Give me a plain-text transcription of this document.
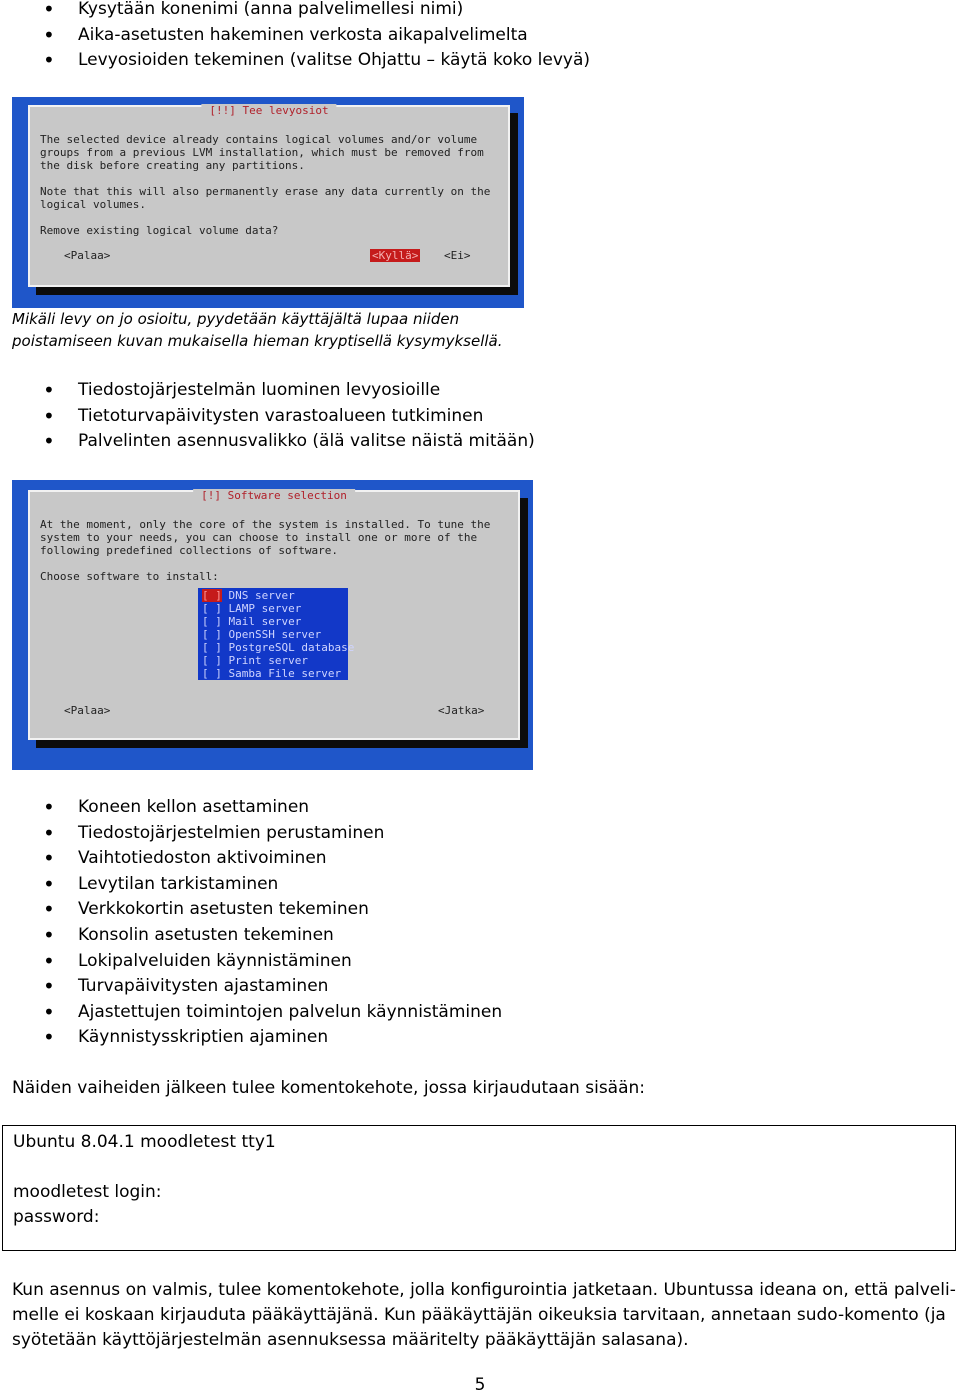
• Kysytään konenimi (anna palvelimellesi nimi)
• Aika-asetusten hakeminen verkosta aikapalvelimelta
• Levyosioiden tekeminen (valitse Ohjattu – käytä koko levyä)
[!!] Tee levyosiot
The selected device already contains logical volumes and/or volume
groups from a previous LVM installation, which must be removed from
the disk before creating any partitions.
Note that this will also permanently erase any data currently on the
logical volumes.
Remove existing logical volume data?
<Palaa>	<Kyllä> <Ei>
Mikäli levy on jo osioitu, pyydetään käyttäjältä lupaa niiden
poistamiseen kuvan mukaisella hieman kryptisellä kysymyksellä.
• Tiedostojärjestelmän luominen levyosioille
• Tietoturvapäivitysten varastoalueen tutkiminen
• Palvelinten asennusvalikko (älä valitse näistä mitään)
[!] Software selection
At the moment, only the core of the system is installed. To tune the
system to your needs, you can choose to install one or more of the
following predefined collections of software.
Choose software to install:
[ ] DNS server
[ ] LAMP server
[ ] Mail server
[ ] OpenSSH server
[ ] PostgreSQL database
[ ] Print server
[ ] Samba File server
<Palaa>	<Jatka>
• Koneen kellon asettaminen
• Tiedostojärjestelmien perustaminen
• Vaihtotiedoston aktivoiminen
• Levytilan tarkistaminen
• Verkkokortin asetusten tekeminen
• Konsolin asetusten tekeminen
• Lokipalveluiden käynnistäminen
• Turvapäivitysten ajastaminen
• Ajastettujen toimintojen palvelun käynnistäminen
• Käynnistysskriptien ajaminen
Näiden vaiheiden jälkeen tulee komentokehote, jossa kirjaudutaan sisään:
Ubuntu 8.04.1 moodletest tty1
moodletest login:
password:
Kun asennus on valmis, tulee komentokehote, jolla konfigurointia jatketaan. Ubuntussa ideana on, että palveli-
melle ei koskaan kirjauduta pääkäyttäjänä. Kun pääkäyttäjän oikeuksia tarvitaan, annetaan sudo-komento (ja
syötetään käyttöjärjestelmän asennuksessa määritelty pääkäyttäjän salasana).
5
